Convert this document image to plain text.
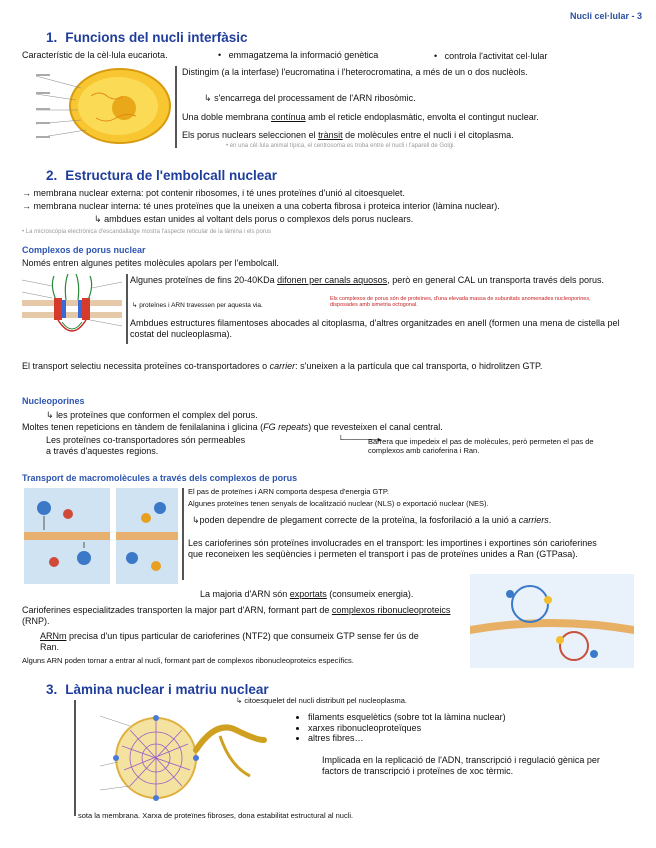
Nucli cel·lular - 3
1. Funcions del nucli interfàsic
Característic de la cèl·lula eucariota.	•   emmagatzema la informació genètica	•   controla l'activitat cel·lular
Distingim (a la interfase) l'eucromatina i l'heterocromatina, a més de un o dos nuclèols.
↳ s'encarrega del processament de l'ARN ribosòmic.
Una doble membrana contínua amb el reticle endoplasmàtic, envolta el contingut nuclear.
Els porus nuclears seleccionen el trànsit de molècules entre el nucli i el citoplasma.
• en una cèl·lula animal típica, el centrosoma es troba entre el nucli i l'aparell de Golgi.
2. Estructura de l'embolcall nuclear
→ membrana nuclear externa: pot contenir ribosomes, i té unes proteïnes d'unió al citoesquelet.
→ membrana nuclear interna: té unes proteïnes que la uneixen a una coberta fibrosa i proteica interior (làmina nuclear).
↳ ambdues estan unides al voltant dels porus o complexos dels porus nuclears.
• La microscòpia electrònica d'escandallatge mostra l'aspecte reticular de la làmina i els porus
Complexos de porus nuclear
Només entren algunes petites molècules apolars per l'embolcall.
Algunes proteïnes de fins 20-40KDa difonen per canals aquosos, però en general CAL un transporta través dels porus.
↳ proteïnes i ARN travessen per aquesta via.
Els complexos de porus són de proteïnes, d'una elevada massa de subunitats anomenades nucleoporines, disposades amb simetria octogonal.
Ambdues estructures filamentoses abocades al citoplasma, d'altres organitzades en anell (formen una mena de cistella pel costat del nucleoplasma).
El transport selectiu necessita proteïnes co-transportadores o carrier: s'uneixen a la partícula que cal transporta, o hidrolitzen GTP.
Nucleoporines
↳ les proteïnes que conformen el complex del porus.
Moltes tenen repeticions en tàndem de fenilalanina i glicina (FG repeats) que revesteixen el canal central.
Les proteïnes co-transportadores són permeables a través d'aquestes regions.
└──────▸
Barrera que impedeix el pas de molècules, però permeten el pas de complexos amb carioferina i Ran.
Transport de macromolècules a través dels complexos de porus
El pas de proteïnes i ARN comporta despesa d'energia GTP.
Algunes proteïnes tenen senyals de localització nuclear (NLS) o exportació nuclear (NES).
↳poden dependre de plegament correcte de la proteïna, la fosforilació a la unió a carriers.
Les carioferines són proteïnes involucrades en el transport: les importines i exportines són carioferines que reconeixen les seqüències i permeten el transport i pas de proteïnes unides a Ran (GTPasa).
La majoria d'ARN són exportats (consumeix energia).
Carioferines especialitzades transporten la major part d'ARN, formant part de complexos ribonucleoproteics (RNP).
ARNm precisa d'un tipus particular de carioferines (NTF2) que consumeix GTP sense fer ús de Ran.
Alguns ARN poden tornar a entrar al nucli, formant part de complexos ribonucleoproteics específics.
3. Làmina nuclear i matriu nuclear
↳ citoesquelet del nucli distribuït pel nucleoplasma.
• filaments esquelètics (sobre tot la làmina nuclear)
• xarxes ribonucleoproteïques
• altres fibres…
Implicada en la replicació de l'ADN, transcripció i regulació gènica per factors de transcripció i proteïnes de xoc tèrmic.
sota la membrana. Xarxa de proteïnes fibroses, dona estabilitat estructural al nucli.
